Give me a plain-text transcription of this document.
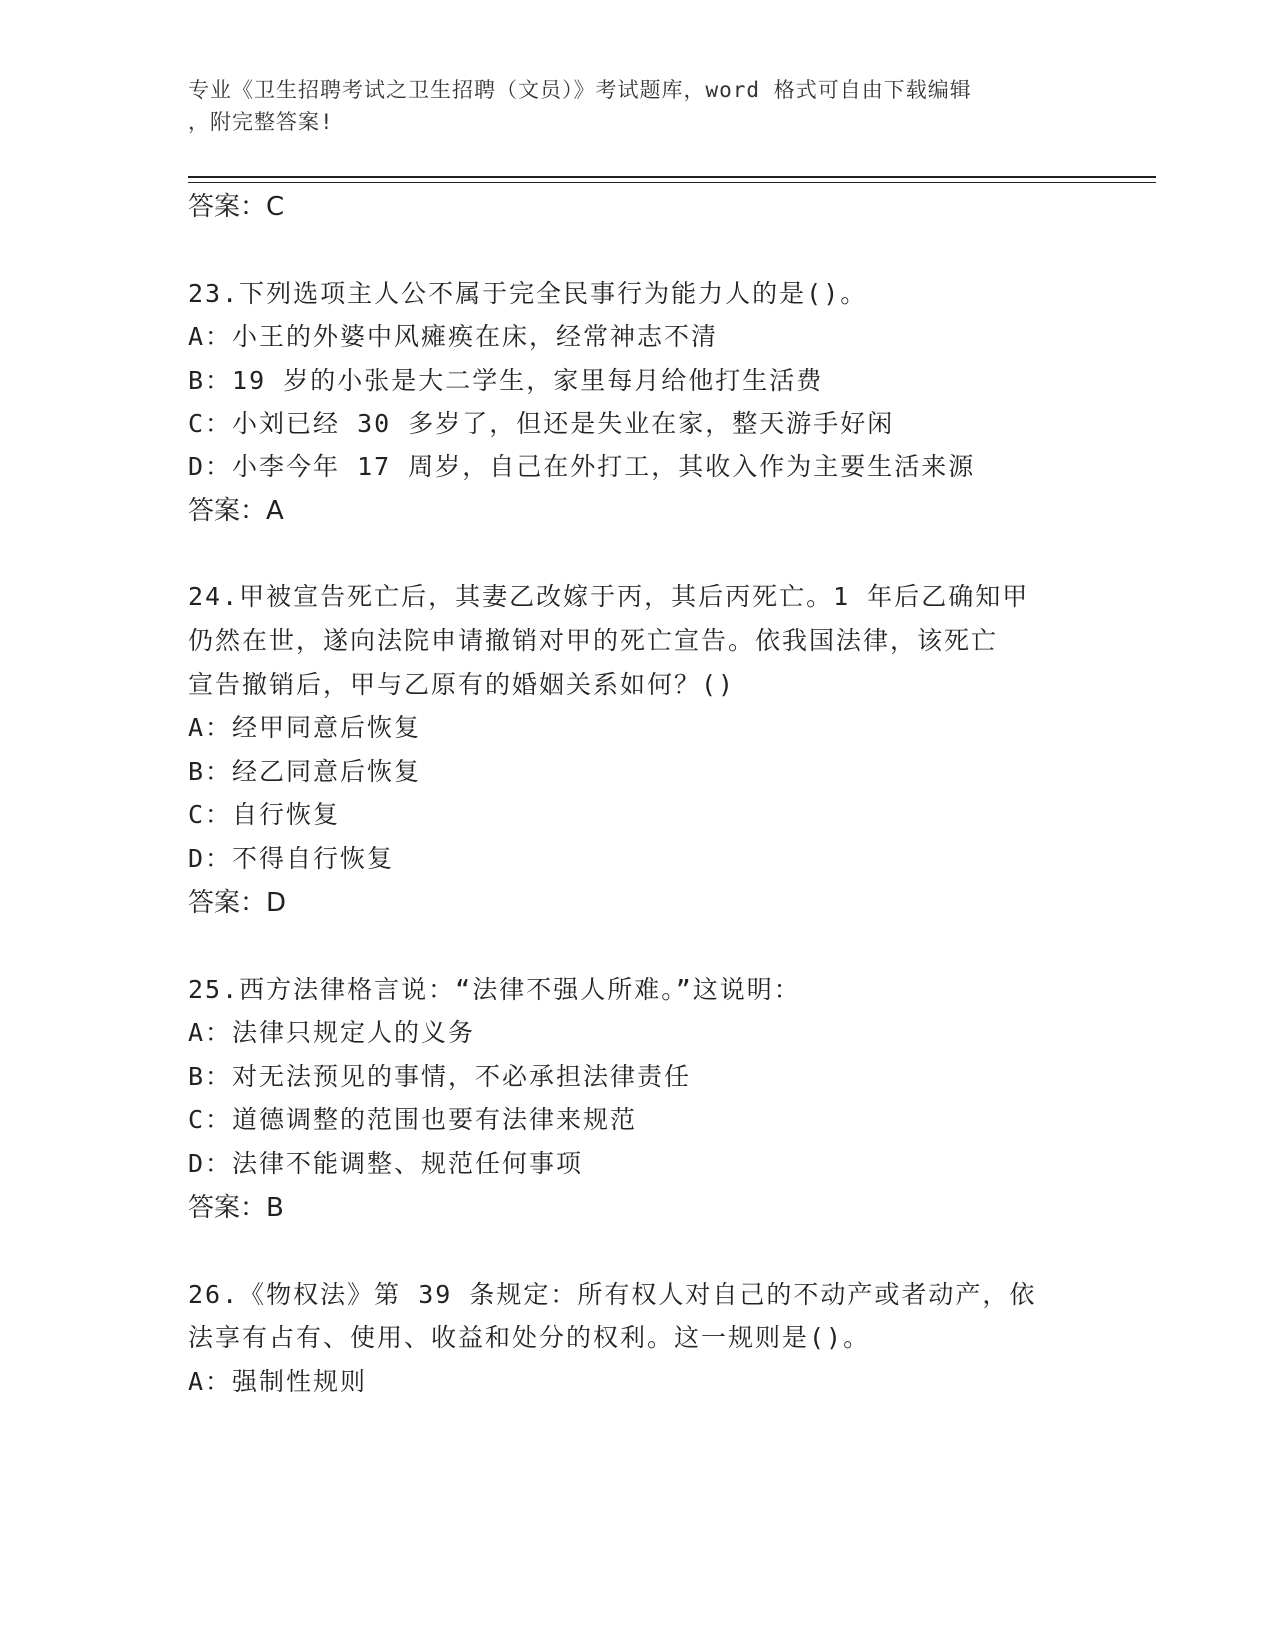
专业《卫生招聘考试之卫生招聘（文员）》考试题库，word 格式可自由下载编辑
，附完整答案!
答案：C
23.下列选项主人公不属于完全民事行为能力人的是()。
A：小王的外婆中风瘫痪在床，经常神志不清
B：19 岁的小张是大二学生，家里每月给他打生活费
C：小刘已经 30 多岁了，但还是失业在家，整天游手好闲
D：小李今年 17 周岁，自己在外打工，其收入作为主要生活来源
答案：A
24.甲被宣告死亡后，其妻乙改嫁于丙，其后丙死亡。1 年后乙确知甲
仍然在世，遂向法院申请撤销对甲的死亡宣告。依我国法律，该死亡
宣告撤销后，甲与乙原有的婚姻关系如何？()
A：经甲同意后恢复
B：经乙同意后恢复
C：自行恢复
D：不得自行恢复
答案：D
25.西方法律格言说：“法律不强人所难。”这说明：
A：法律只规定人的义务
B：对无法预见的事情，不必承担法律责任
C：道德调整的范围也要有法律来规范
D：法律不能调整、规范任何事项
答案：B
26.《物权法》第 39 条规定：所有权人对自己的不动产或者动产，依
法享有占有、使用、收益和处分的权利。这一规则是()。
A：强制性规则
